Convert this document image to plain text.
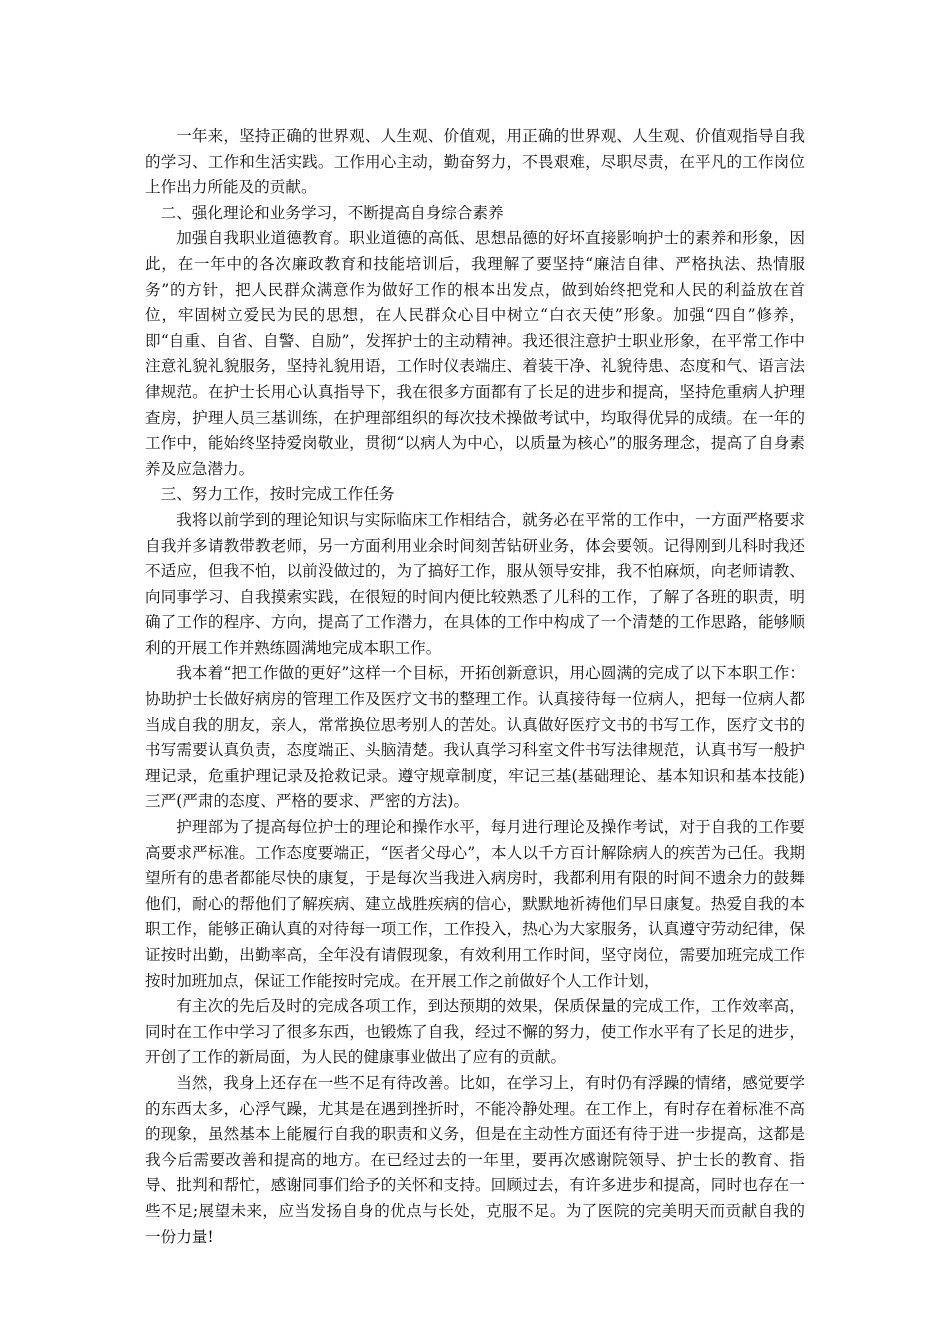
一年来，坚持正确的世界观、人生观、价值观，用正确的世界观、人生观、价值观指导自我的学习、工作和生活实践。工作用心主动，勤奋努力，不畏艰难，尽职尽责，在平凡的工作岗位上作出力所能及的贡献。

二、强化理论和业务学习，不断提高自身综合素养

加强自我职业道德教育。职业道德的高低、思想品德的好坏直接影响护士的素养和形象，因此，在一年中的各次廉政教育和技能培训后，我理解了要坚持“廉洁自律、严格执法、热情服务”的方针，把人民群众满意作为做好工作的根本出发点，做到始终把党和人民的利益放在首位，牢固树立爱民为民的思想，在人民群众心目中树立“白衣天使”形象。加强“四自”修养，即“自重、自省、自警、自励”，发挥护士的主动精神。我还很注意护士职业形象，在平常工作中注意礼貌礼貌服务，坚持礼貌用语，工作时仪表端庄、着装干净、礼貌待患、态度和气、语言法律规范。在护士长用心认真指导下，我在很多方面都有了长足的进步和提高，坚持危重病人护理查房，护理人员三基训练，在护理部组织的每次技术操做考试中，均取得优异的成绩。在一年的工作中，能始终坚持爱岗敬业，贯彻“以病人为中心，以质量为核心”的服务理念，提高了自身素养及应急潜力。

三、努力工作，按时完成工作任务

我将以前学到的理论知识与实际临床工作相结合，就务必在平常的工作中，一方面严格要求自我并多请教带教老师，另一方面利用业余时间刻苦钻研业务，体会要领。记得刚到儿科时我还不适应，但我不怕，以前没做过的，为了搞好工作，服从领导安排，我不怕麻烦，向老师请教、向同事学习、自我摸索实践，在很短的时间内便比较熟悉了儿科的工作，了解了各班的职责，明确了工作的程序、方向，提高了工作潜力，在具体的工作中构成了一个清楚的工作思路，能够顺利的开展工作并熟练圆满地完成本职工作。

我本着“把工作做的更好”这样一个目标，开拓创新意识，用心圆满的完成了以下本职工作：协助护士长做好病房的管理工作及医疗文书的整理工作。认真接待每一位病人，把每一位病人都当成自我的朋友，亲人，常常换位思考别人的苦处。认真做好医疗文书的书写工作，医疗文书的书写需要认真负责，态度端正、头脑清楚。我认真学习科室文件书写法律规范，认真书写一般护理记录，危重护理记录及抢救记录。遵守规章制度，牢记三基(基础理论、基本知识和基本技能)三严(严肃的态度、严格的要求、严密的方法)。

护理部为了提高每位护士的理论和操作水平，每月进行理论及操作考试，对于自我的工作要高要求严标准。工作态度要端正，“医者父母心”，本人以千方百计解除病人的疾苦为己任。我期望所有的患者都能尽快的康复，于是每次当我进入病房时，我都利用有限的时间不遗余力的鼓舞他们，耐心的帮他们了解疾病、建立战胜疾病的信心，默默地祈祷他们早日康复。热爱自我的本职工作，能够正确认真的对待每一项工作，工作投入，热心为大家服务，认真遵守劳动纪律，保证按时出勤，出勤率高，全年没有请假现象，有效利用工作时间，坚守岗位，需要加班完成工作按时加班加点，保证工作能按时完成。在开展工作之前做好个人工作计划，

有主次的先后及时的完成各项工作，到达预期的效果，保质保量的完成工作，工作效率高，同时在工作中学习了很多东西，也锻炼了自我，经过不懈的努力，使工作水平有了长足的进步，开创了工作的新局面，为人民的健康事业做出了应有的贡献。

当然，我身上还存在一些不足有待改善。比如，在学习上，有时仍有浮躁的情绪，感觉要学的东西太多，心浮气躁，尤其是在遇到挫折时，不能冷静处理。在工作上，有时存在着标准不高的现象，虽然基本上能履行自我的职责和义务，但是在主动性方面还有待于进一步提高，这都是我今后需要改善和提高的地方。在已经过去的一年里，要再次感谢院领导、护士长的教育、指导、批判和帮忙，感谢同事们给予的关怀和支持。回顾过去，有许多进步和提高，同时也存在一些不足;展望未来，应当发扬自身的优点与长处，克服不足。为了医院的完美明天而贡献自我的一份力量!
